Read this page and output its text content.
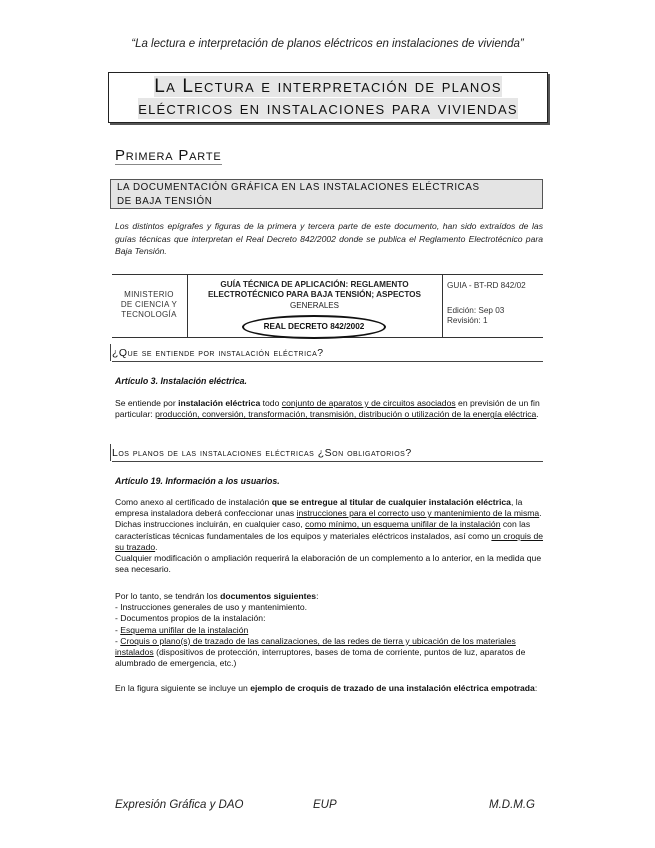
“La lectura e interpretación de planos eléctricos en instalaciones de vivienda”
La Lectura e interpretación de planos
eléctricos en instalaciones para viviendas
Primera Parte
LA DOCUMENTACIÓN GRÁFICA EN LAS INSTALACIONES ELÉCTRICAS
DE BAJA TENSIÓN
Los distintos epígrafes y figuras de la primera y tercera parte de este documento, han sido extraídos de las guías técnicas que interpretan el Real Decreto 842/2002 donde se publica el Reglamento Electrotécnico para Baja Tensión.
MINISTERIO
DE CIENCIA Y
TECNOLOGÍA
GUÍA TÉCNICA DE APLICACIÓN: REGLAMENTO
ELECTROTÉCNICO PARA BAJA TENSIÓN; ASPECTOS
GENERALES
REAL DECRETO 842/2002
GUIA - BT-RD 842/02
Edición: Sep 03
Revisión: 1
¿Que se entiende por instalación eléctrica?
Artículo 3. Instalación eléctrica.
Se entiende por instalación eléctrica todo conjunto de aparatos y de circuitos asociados en previsión de un fin particular: producción, conversión, transformación, transmisión, distribución o utilización de la energía eléctrica.
Los planos de las instalaciones eléctricas ¿Son obligatorios?
Artículo 19. Información a los usuarios.
Como anexo al certificado de instalación que se entregue al titular de cualquier instalación eléctrica, la empresa instaladora deberá confeccionar unas instrucciones para el correcto uso y mantenimiento de la misma. Dichas instrucciones incluirán, en cualquier caso, como mínimo, un esquema unifilar de la instalación con las características técnicas fundamentales de los equipos y materiales eléctricos instalados, así como un croquis de su trazado.
Cualquier modificación o ampliación requerirá la elaboración de un complemento a lo anterior, en la medida que sea necesario.
Por lo tanto, se tendrán los documentos siguientes:
- Instrucciones generales de uso y mantenimiento.
- Documentos propios de la instalación:
- Esquema unifilar de la instalación
- Croquis o plano(s) de trazado de las canalizaciones, de las redes de tierra y ubicación de los materiales instalados (dispositivos de protección, interruptores, bases de toma de corriente, puntos de luz, aparatos de alumbrado de emergencia, etc.)
En la figura siguiente se incluye un ejemplo de croquis de trazado de una instalación eléctrica empotrada:
Expresión Gráfica y DAO	EUP	M.D.M.G
